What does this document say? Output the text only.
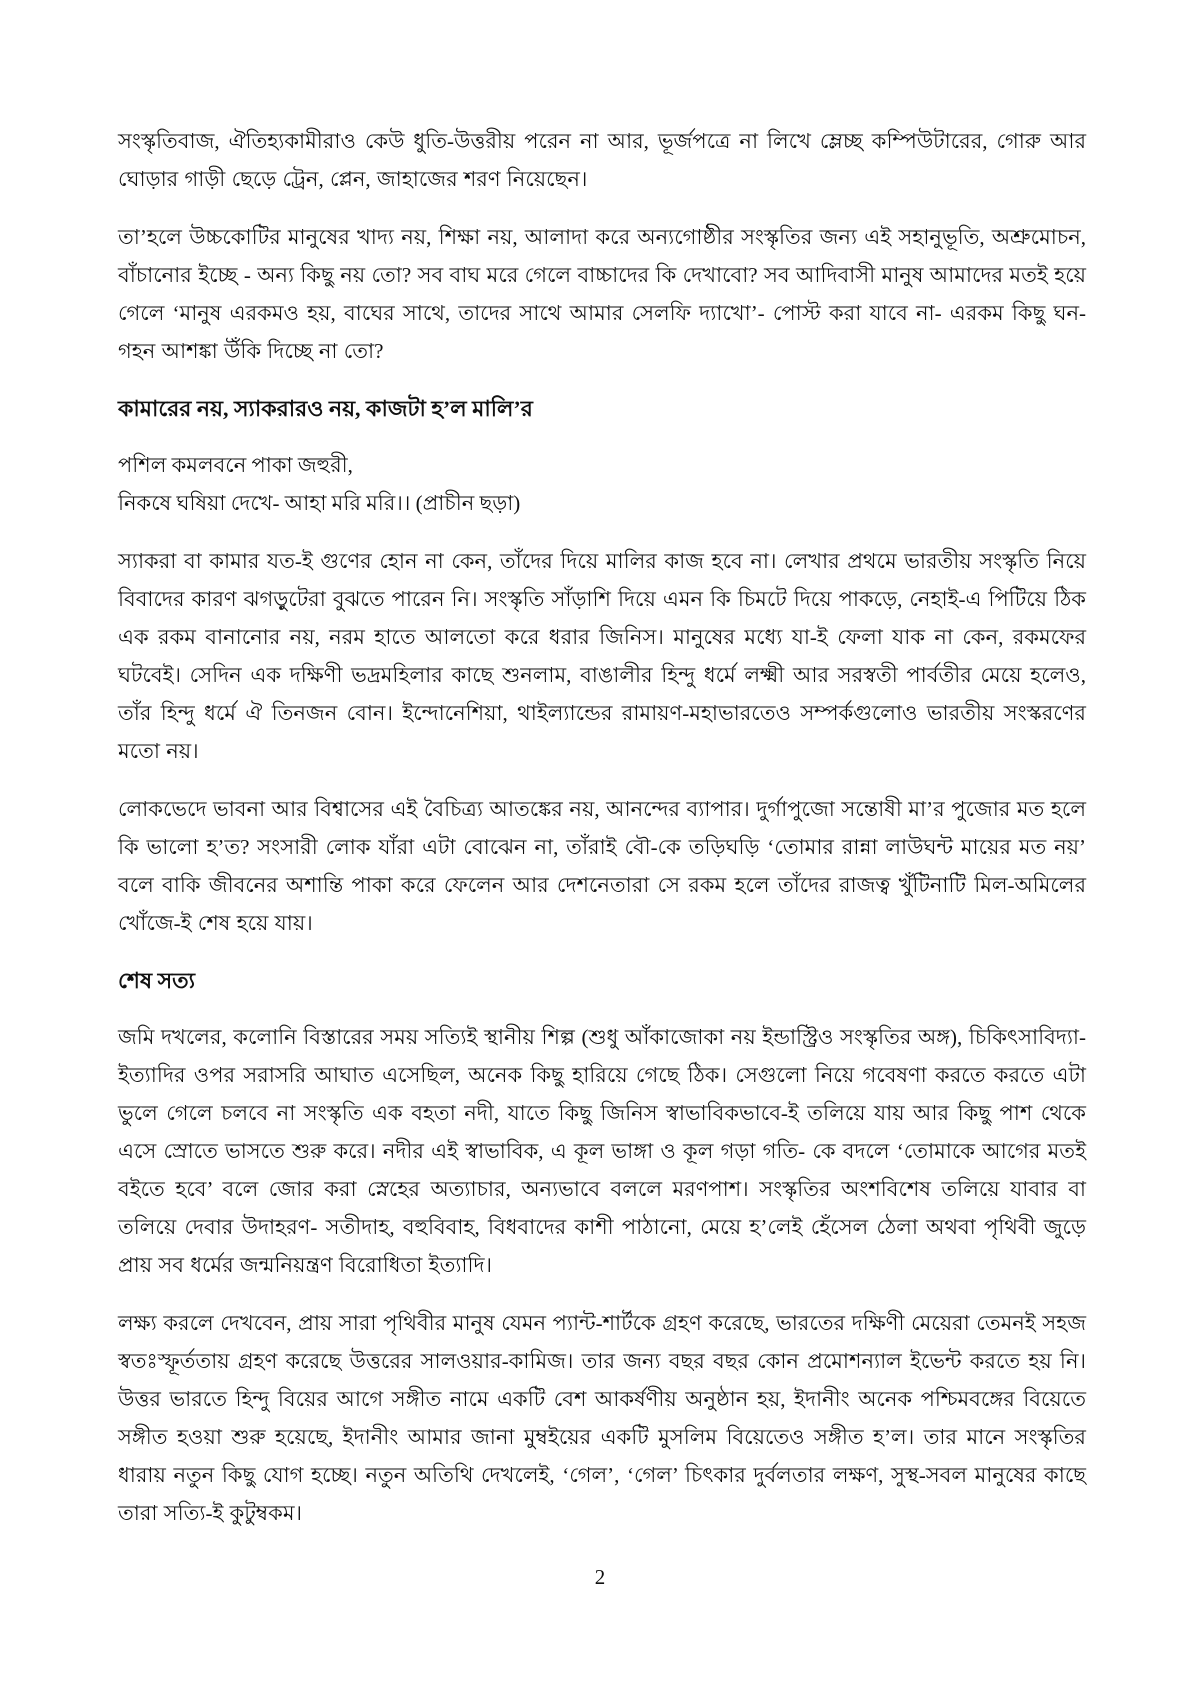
সংস্কৃতিবাজ, ঐতিহ্যকামীরাও কেউ ধুতি-উত্তরীয় পরেন না আর, ভূর্জপত্রে না লিখে ম্লেচ্ছ কম্পিউটারের, গোরু আর ঘোড়ার গাড়ী ছেড়ে ট্রেন, প্লেন, জাহাজের শরণ নিয়েছেন।

তা’হলে উচ্চকোটির মানুষের খাদ্য নয়, শিক্ষা নয়, আলাদা করে অন্যগোষ্ঠীর সংস্কৃতির জন্য এই সহানুভূতি, অশ্রুমোচন, বাঁচানোর ইচ্ছে - অন্য কিছু নয় তো? সব বাঘ মরে গেলে বাচ্চাদের কি দেখাবো? সব আদিবাসী মানুষ আমাদের মতই হয়ে গেলে ‘মানুষ এরকমও হয়, বাঘের সাথে, তাদের সাথে আমার সেলফি দ্যাখো’- পোস্ট করা যাবে না- এরকম কিছু ঘন-গহন আশঙ্কা উঁকি দিচ্ছে না তো?

কামারের নয়, স্যাকরারও নয়, কাজটা হ’ল মালি’র

পশিল কমলবনে পাকা জহুরী,

নিকষে ঘষিয়া দেখে- আহা মরি মরি।। (প্রাচীন ছড়া)

স্যাকরা বা কামার যত-ই গুণের হোন না কেন, তাঁদের দিয়ে মালির কাজ হবে না। লেখার প্রথমে ভারতীয় সংস্কৃতি নিয়ে বিবাদের কারণ ঝগড়ুটেরা বুঝতে পারেন নি। সংস্কৃতি সাঁড়াশি দিয়ে এমন কি চিমটে দিয়ে পাকড়ে, নেহাই-এ পিটিয়ে ঠিক এক রকম বানানোর নয়, নরম হাতে আলতো করে ধরার জিনিস। মানুষের মধ্যে যা-ই ফেলা যাক না কেন, রকমফের ঘটবেই। সেদিন এক দক্ষিণী ভদ্রমহিলার কাছে শুনলাম, বাঙালীর হিন্দু ধর্মে লক্ষ্মী আর সরস্বতী পার্বতীর মেয়ে হলেও, তাঁর হিন্দু ধর্মে ঐ তিনজন বোন। ইন্দোনেশিয়া, থাইল্যান্ডের রামায়ণ-মহাভারতেও সম্পর্কগুলোও ভারতীয় সংস্করণের মতো নয়।

লোকভেদে ভাবনা আর বিশ্বাসের এই বৈচিত্র্য আতঙ্কের নয়, আনন্দের ব্যাপার। দুর্গাপুজো সন্তোষী মা’র পুজোর মত হলে কি ভালো হ’ত? সংসারী লোক যাঁরা এটা বোঝেন না, তাঁরাই বৌ-কে তড়িঘড়ি ‘তোমার রান্না লাউঘন্ট মায়ের মত নয়’ বলে বাকি জীবনের অশান্তি পাকা করে ফেলেন আর দেশনেতারা সে রকম হলে তাঁদের রাজত্ব খুঁটিনাটি মিল-অমিলের খোঁজে-ই শেষ হয়ে যায়।

শেষ সত্য

জমি দখলের, কলোনি বিস্তারের সময় সত্যিই স্থানীয় শিল্প (শুধু আঁকাজোকা নয় ইন্ডাস্ট্রিও সংস্কৃতির অঙ্গ), চিকিৎসাবিদ্যা- ইত্যাদির ওপর সরাসরি আঘাত এসেছিল, অনেক কিছু হারিয়ে গেছে ঠিক। সেগুলো নিয়ে গবেষণা করতে করতে এটা ভুলে গেলে চলবে না সংস্কৃতি এক বহতা নদী, যাতে কিছু জিনিস স্বাভাবিকভাবে-ই তলিয়ে যায় আর কিছু পাশ থেকে এসে স্রোতে ভাসতে শুরু করে। নদীর এই স্বাভাবিক, এ কূল ভাঙ্গা ও কূল গড়া গতি- কে বদলে ‘তোমাকে আগের মতই বইতে হবে’ বলে জোর করা স্নেহের অত্যাচার, অন্যভাবে বললে মরণপাশ। সংস্কৃতির অংশবিশেষ তলিয়ে যাবার বা তলিয়ে দেবার উদাহরণ- সতীদাহ, বহুবিবাহ, বিধবাদের কাশী পাঠানো, মেয়ে হ’লেই হেঁসেল ঠেলা অথবা পৃথিবী জুড়ে প্রায় সব ধর্মের জন্মনিয়ন্ত্রণ বিরোধিতা ইত্যাদি।

লক্ষ্য করলে দেখবেন, প্রায় সারা পৃথিবীর মানুষ যেমন প্যান্ট-শার্টকে গ্রহণ করেছে, ভারতের দক্ষিণী মেয়েরা তেমনই সহজ স্বতঃস্ফূর্ততায় গ্রহণ করেছে উত্তরের সালওয়ার-কামিজ। তার জন্য বছর বছর কোন প্রমোশন্যাল ইভেন্ট করতে হয় নি। উত্তর ভারতে হিন্দু বিয়ের আগে সঙ্গীত নামে একটি বেশ আকর্ষণীয় অনুষ্ঠান হয়, ইদানীং অনেক পশ্চিমবঙ্গের বিয়েতে সঙ্গীত হওয়া শুরু হয়েছে, ইদানীং আমার জানা মুম্বইয়ের একটি মুসলিম বিয়েতেও সঙ্গীত হ’ল। তার মানে সংস্কৃতির ধারায় নতুন কিছু যোগ হচ্ছে। নতুন অতিথি দেখলেই, ‘গেল’, ‘গেল’ চিৎকার দুর্বলতার লক্ষণ, সুস্থ-সবল মানুষের কাছে তারা সত্যি-ই কুটুম্বকম।

2
